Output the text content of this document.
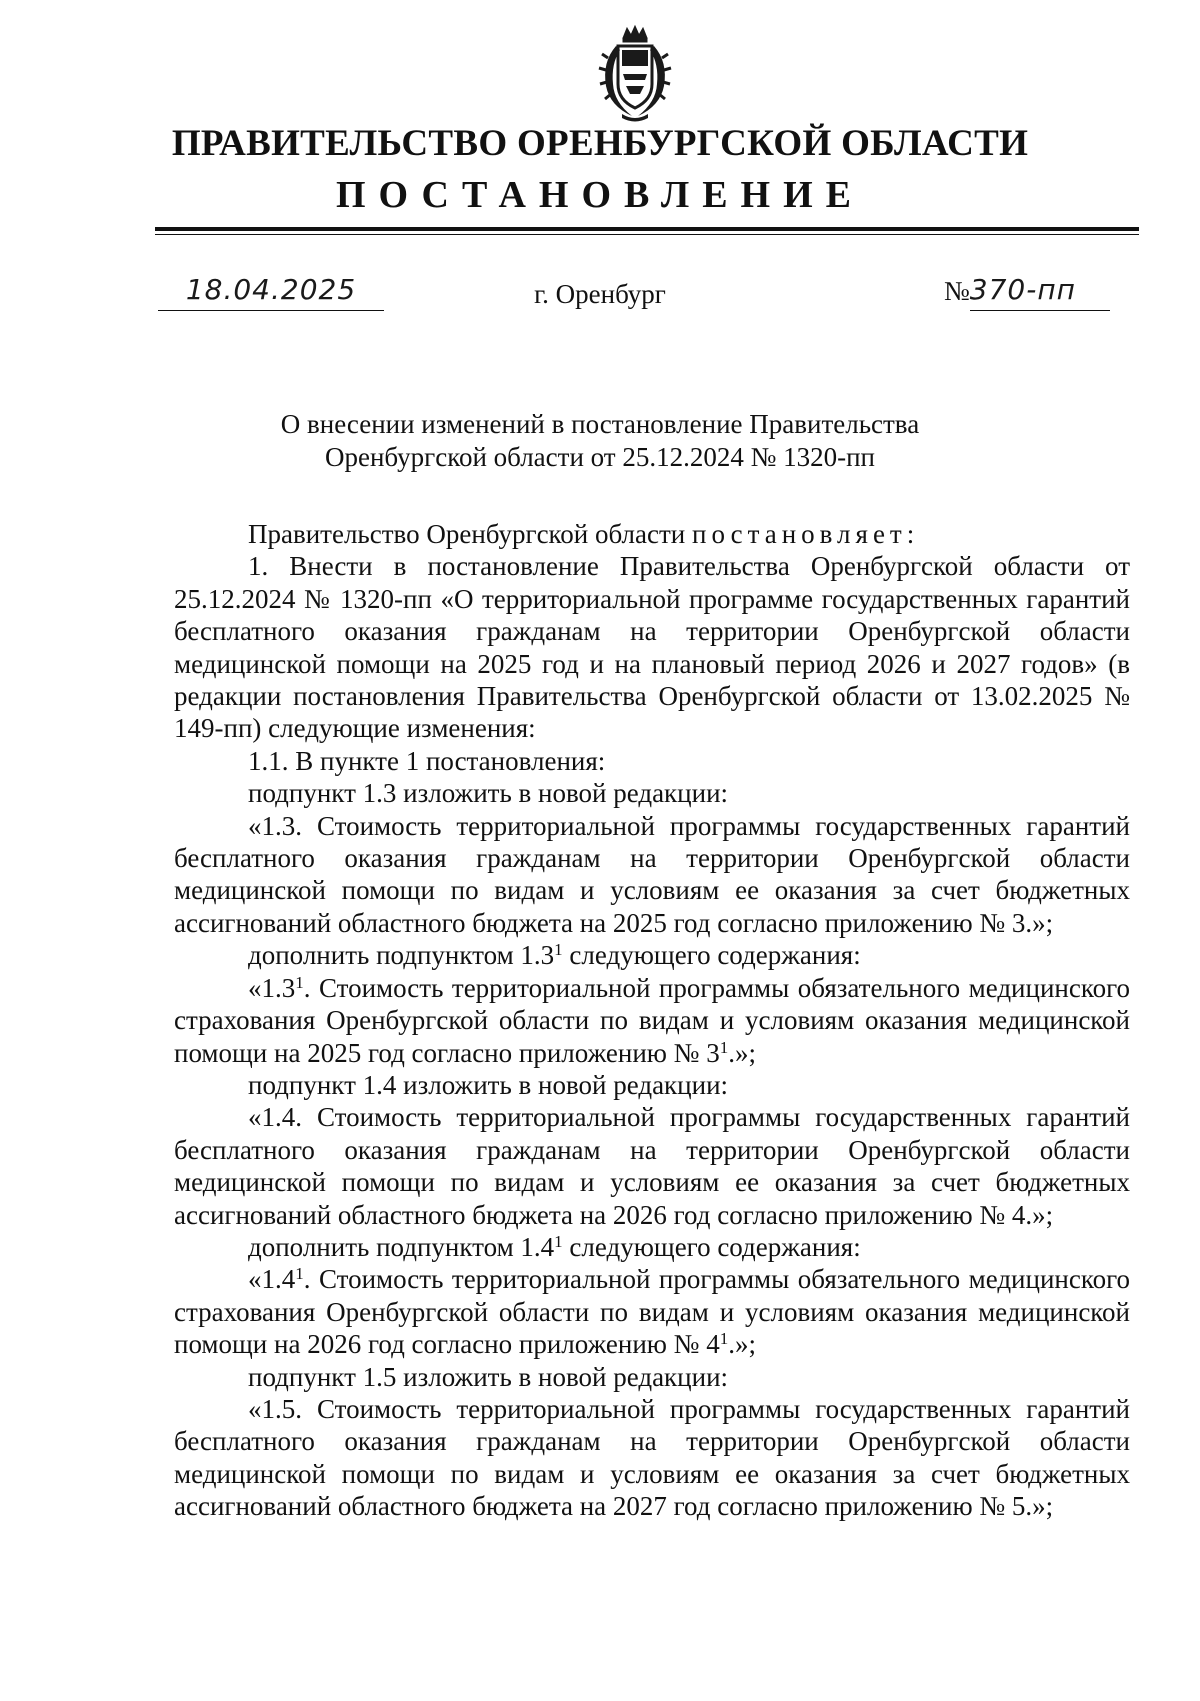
ПРАВИТЕЛЬСТВО ОРЕНБУРГСКОЙ ОБЛАСТИ
ПОСТАНОВЛЕНИЕ
18.04.2025	г. Оренбург	№370-пп
О внесении изменений в постановление Правительства
Оренбургской области от 25.12.2024 № 1320-пп

Правительство Оренбургской области постановляет:

1. Внести в постановление Правительства Оренбургской области от 25.12.2024 № 1320-пп «О территориальной программе государственных гарантий бесплатного оказания гражданам на территории Оренбургской области медицинской помощи на 2025 год и на плановый период 2026 и 2027 годов» (в редакции постановления Правительства Оренбургской области от 13.02.2025 № 149-пп) следующие изменения:

1.1. В пункте 1 постановления:

подпункт 1.3 изложить в новой редакции:

«1.3. Стоимость территориальной программы государственных гарантий бесплатного оказания гражданам на территории Оренбургской области медицинской помощи по видам и условиям ее оказания за счет бюджетных ассигнований областного бюджета на 2025 год согласно приложению № 3.»;

дополнить подпунктом $1.3^1$ следующего содержания:

«$1.3^1$. Стоимость территориальной программы обязательного медицинского страхования Оренбургской области по видам и условиям оказания медицинской помощи на 2025 год согласно приложению № $3^1$.»;

подпункт 1.4 изложить в новой редакции:

«1.4. Стоимость территориальной программы государственных гарантий бесплатного оказания гражданам на территории Оренбургской области медицинской помощи по видам и условиям ее оказания за счет бюджетных ассигнований областного бюджета на 2026 год согласно приложению № 4.»;

дополнить подпунктом $1.4^1$ следующего содержания:

«$1.4^1$. Стоимость территориальной программы обязательного медицинского страхования Оренбургской области по видам и условиям оказания медицинской помощи на 2026 год согласно приложению № $4^1$.»;

подпункт 1.5 изложить в новой редакции:

«1.5. Стоимость территориальной программы государственных гарантий бесплатного оказания гражданам на территории Оренбургской области медицинской помощи по видам и условиям ее оказания за счет бюджетных ассигнований областного бюджета на 2027 год согласно приложению № 5.»;
